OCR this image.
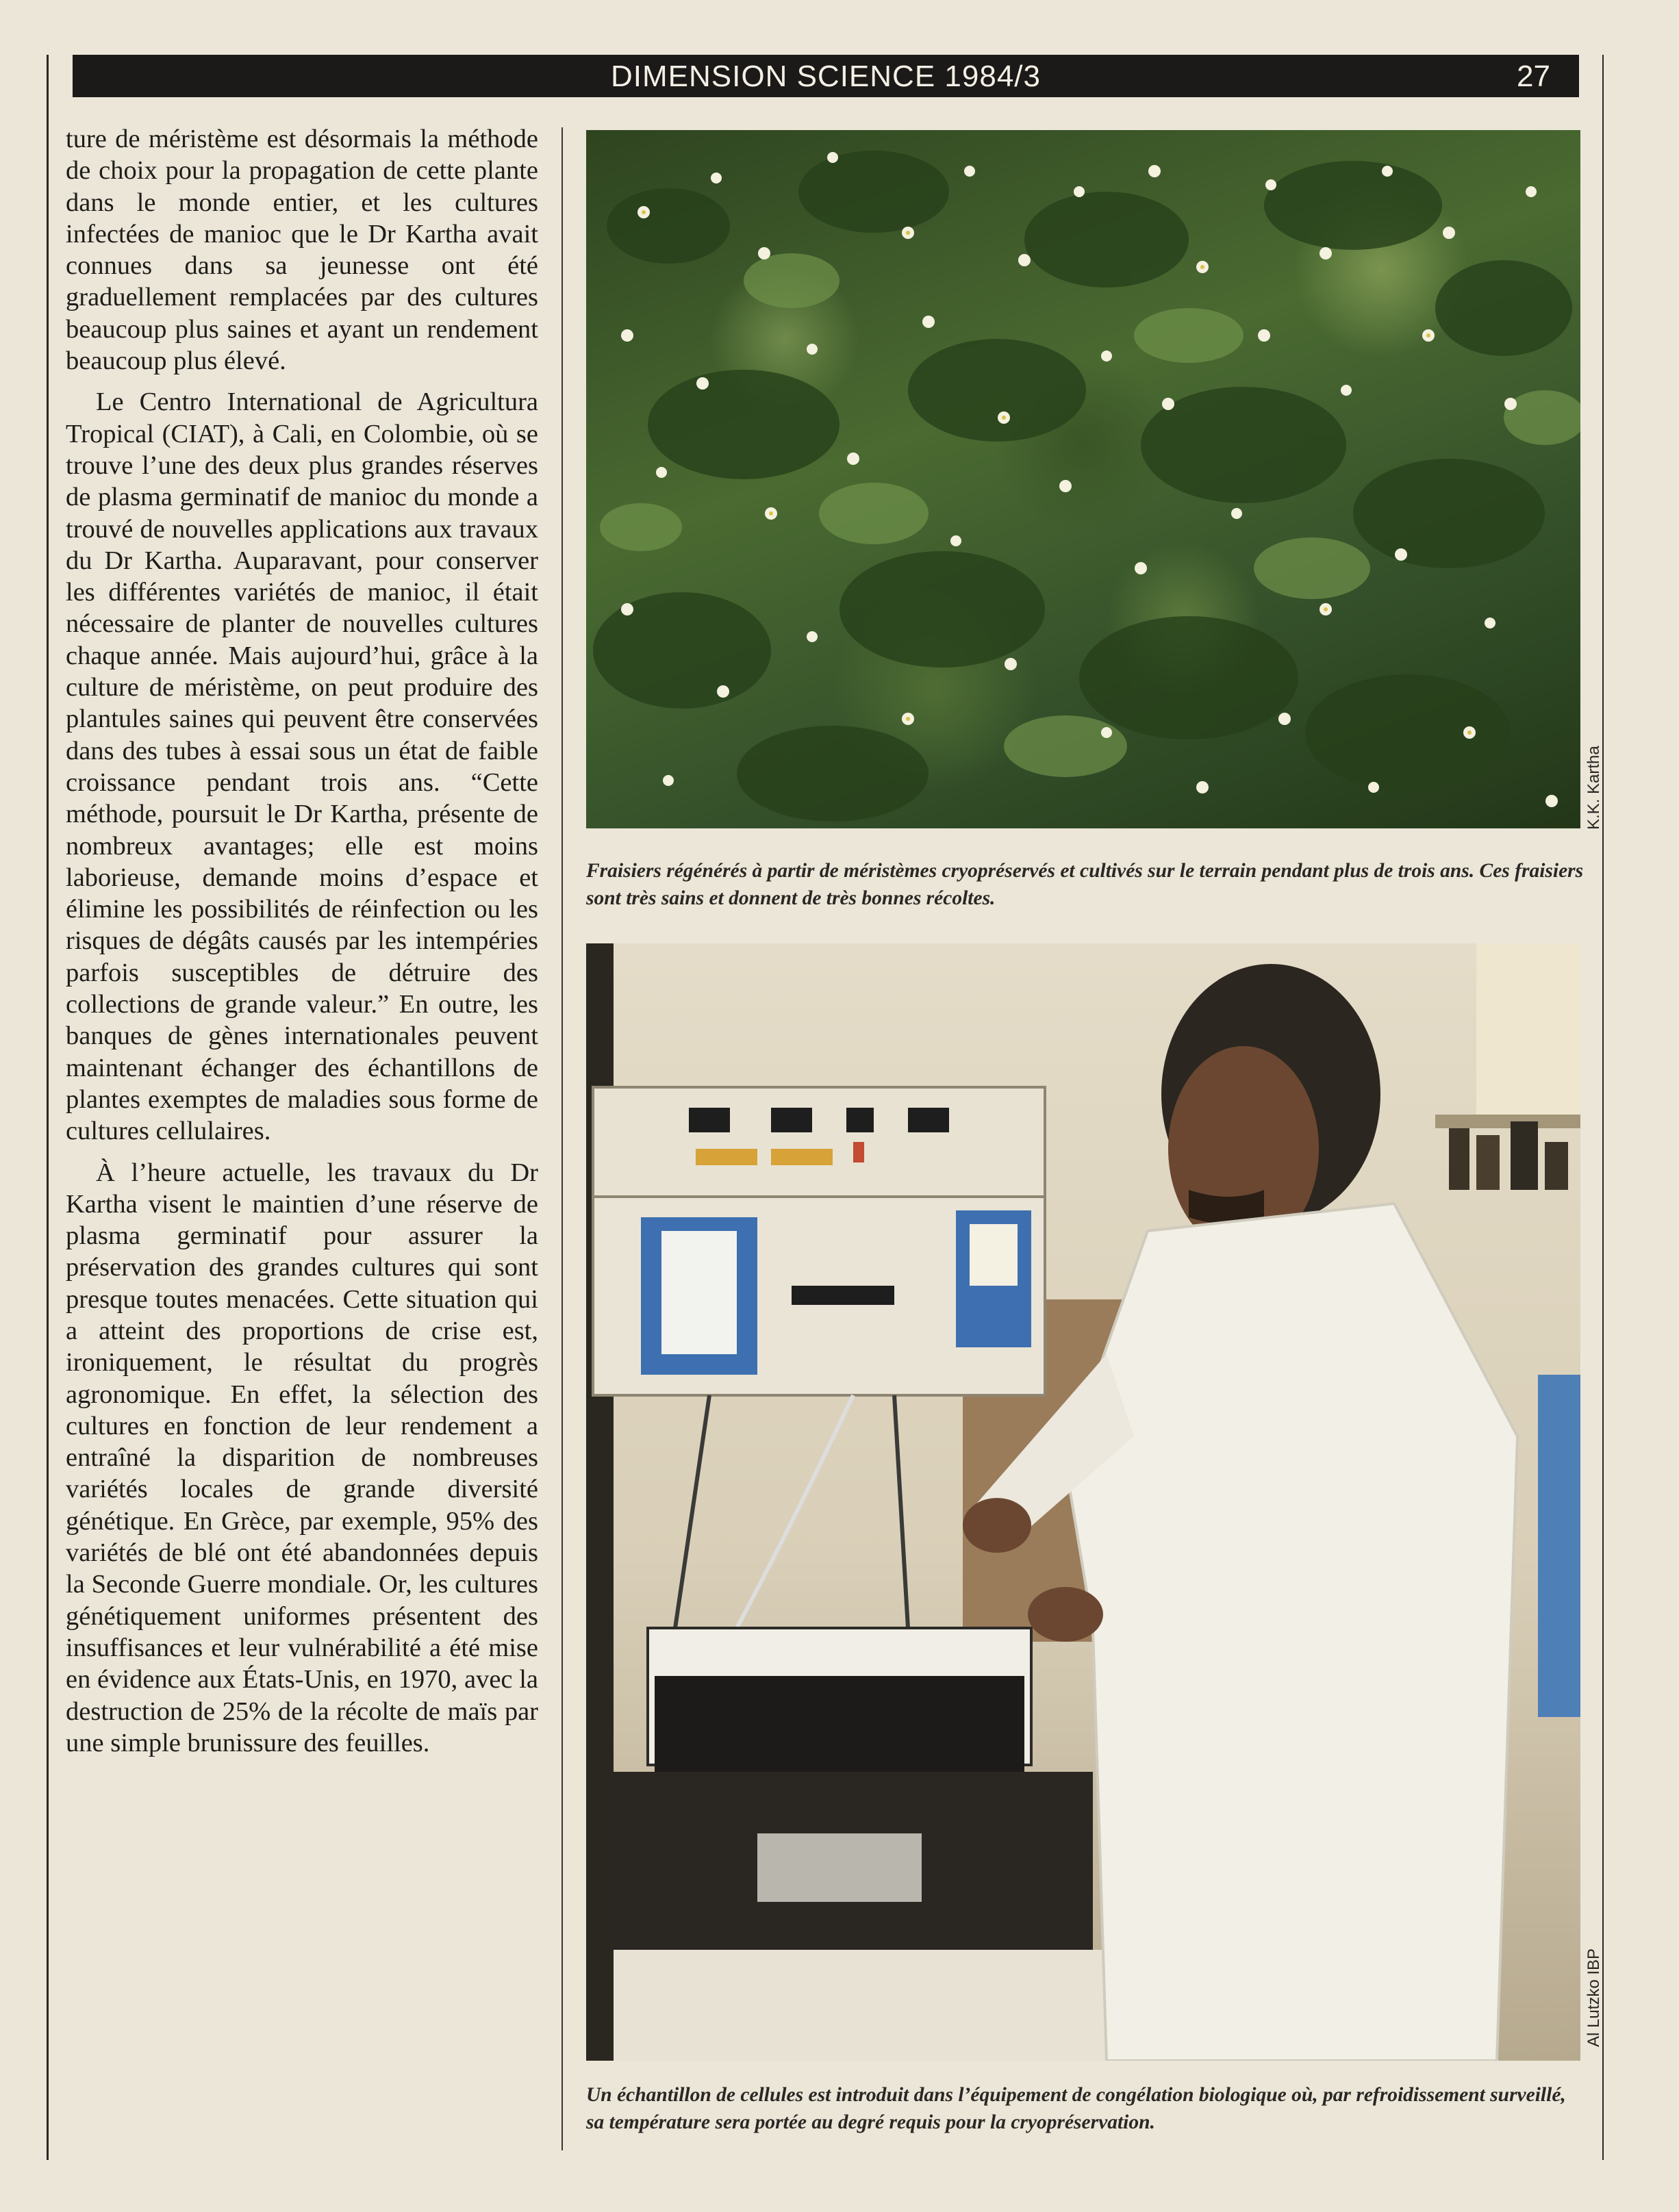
DIMENSION SCIENCE 1984/3	27

ture de méristème est désormais la méthode de choix pour la propagation de cette plante dans le monde entier, et les cultures infectées de manioc que le Dr Kartha avait connues dans sa jeunesse ont été graduellement remplacées par des cultures beaucoup plus saines et ayant un rendement beaucoup plus élevé.

Le Centro International de Agricultura Tropical (CIAT), à Cali, en Colombie, où se trouve l’une des deux plus grandes réserves de plasma germinatif de manioc du monde a trouvé de nouvelles applications aux travaux du Dr Kartha. Auparavant, pour conserver les différentes variétés de manioc, il était nécessaire de planter de nouvelles cultures chaque année. Mais aujourd’hui, grâce à la culture de méristème, on peut produire des plantules saines qui peuvent être conservées dans des tubes à essai sous un état de faible croissance pendant trois ans. “Cette méthode, poursuit le Dr Kartha, présente de nombreux avantages; elle est moins laborieuse, demande moins d’espace et élimine les possibilités de réinfection ou les risques de dégâts causés par les intempéries parfois susceptibles de détruire des collections de grande valeur.” En outre, les banques de gènes internationales peuvent maintenant échanger des échantillons de plantes exemptes de maladies sous forme de cultures cellulaires.

À l’heure actuelle, les travaux du Dr Kartha visent le maintien d’une réserve de plasma germinatif pour assurer la préservation des grandes cultures qui sont presque toutes menacées. Cette situation qui a atteint des proportions de crise est, ironiquement, le résultat du progrès agronomique. En effet, la sélection des cultures en fonction de leur rendement a entraîné la disparition de nombreuses variétés locales de grande diversité génétique. En Grèce, par exemple, 95% des variétés de blé ont été abandonnées depuis la Seconde Guerre mondiale. Or, les cultures génétiquement uniformes présentent des insuffisances et leur vulnérabilité a été mise en évidence aux États-Unis, en 1970, avec la destruction de 25% de la récolte de maïs par une simple brunissure des feuilles.

K.K. Kartha
Fraisiers régénérés à partir de méristèmes cryopréservés et cultivés sur le terrain pendant plus de trois ans. Ces fraisiers sont très sains et donnent de très bonnes récoltes.
Al Lutzko IBP
Un échantillon de cellules est introduit dans l’équipement de congélation biologique où, par refroidissement surveillé, sa température sera portée au degré requis pour la cryopréservation.
